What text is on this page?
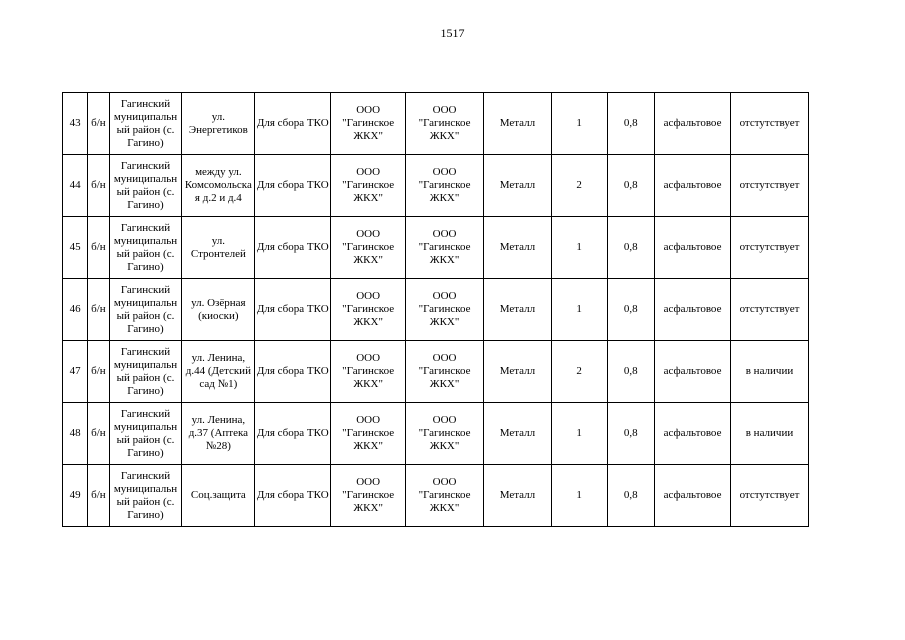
1517
43	б/н	Гагинский муниципальный район (с. Гагино)	ул. Энергетиков	Для сбора ТКО	ООО "Гагинское ЖКХ"	ООО "Гагинское ЖКХ"	Металл	1	0,8	асфальтовое	отстутствует
44	б/н	Гагинский муниципальный район (с. Гагино)	между ул. Комсомольская д.2 и д.4	Для сбора ТКО	ООО "Гагинское ЖКХ"	ООО "Гагинское ЖКХ"	Металл	2	0,8	асфальтовое	отстутствует
45	б/н	Гагинский муниципальный район (с. Гагино)	ул. Стронтелей	Для сбора ТКО	ООО "Гагинское ЖКХ"	ООО "Гагинское ЖКХ"	Металл	1	0,8	асфальтовое	отстутствует
46	б/н	Гагинский муниципальный район (с. Гагино)	ул. Озёрная (киоски)	Для сбора ТКО	ООО "Гагинское ЖКХ"	ООО "Гагинское ЖКХ"	Металл	1	0,8	асфальтовое	отстутствует
47	б/н	Гагинский муниципальный район (с. Гагино)	ул. Ленина, д.44 (Детский сад №1)	Для сбора ТКО	ООО "Гагинское ЖКХ"	ООО "Гагинское ЖКХ"	Металл	2	0,8	асфальтовое	в наличии
48	б/н	Гагинский муниципальный район (с. Гагино)	ул. Ленина, д.37 (Аптека №28)	Для сбора ТКО	ООО "Гагинское ЖКХ"	ООО "Гагинское ЖКХ"	Металл	1	0,8	асфальтовое	в наличии
49	б/н	Гагинский муниципальный район (с. Гагино)	Соц.защита	Для сбора ТКО	ООО "Гагинское ЖКХ"	ООО "Гагинское ЖКХ"	Металл	1	0,8	асфальтовое	отстутствует
